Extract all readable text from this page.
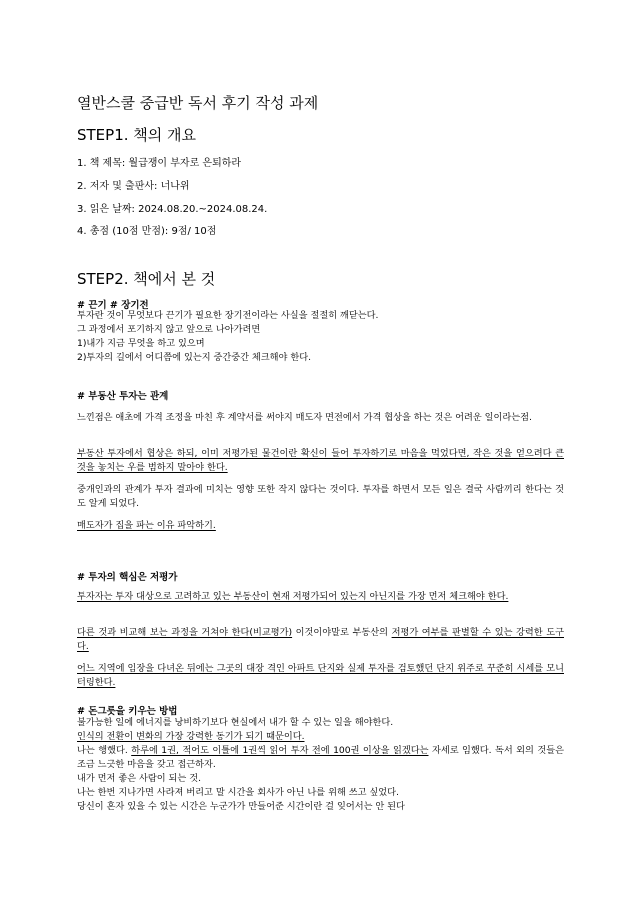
열반스쿨 중급반 독서 후기 작성 과제
STEP1. 책의 개요
1. 책 제목: 월급쟁이 부자로 은퇴하라
2. 저자 및 출판사: 너나위
3. 읽은 날짜: 2024.08.20.~2024.08.24.
4. 총점 (10점 만점): 9점/ 10점
STEP2. 책에서 본 것
# 끈기 # 장기전
투자란 것이 무엇보다 끈기가 필요한 장기전이라는 사실을 절절히 깨닫는다.
그 과정에서 포기하지 않고 앞으로 나아가려면
1)내가 지금 무엇을 하고 있으며
2)투자의 길에서 어디쯤에 있는지 중간중간 체크해야 한다.
# 부동산 투자는 관계
느낀점은 애초에 가격 조정을 마친 후 계약서를 써야지 매도자 면전에서 가격 협상을 하는 것은 어려운 일이라는점.
부동산 투자에서 협상은 하되, 이미 저평가된 물건이란 확신이 들어 투자하기로 마음을 먹었다면, 작은 것을 얻으려다 큰 것을 놓치는 우를 범하지 말아야 한다.
중개인과의 관계가 투자 결과에 미치는 영향 또한 작지 않다는 것이다. 투자를 하면서 모든 일은 결국 사람끼리 한다는 것도 알게 되었다.
매도자가 집을 파는 이유 파악하기.
# 투자의 핵심은 저평가
투자자는 투자 대상으로 고려하고 있는 부동산이 현재 저평가되어 있는지 아닌지를 가장 먼저 체크해야 한다.
다른 것과 비교해 보는 과정을 거쳐야 한다(비교평가) 이것이야말로 부동산의 저평가 여부를 판별할 수 있는 강력한 도구다.
어느 지역에 임장을 다녀온 뒤에는 그곳의 대장 격인 아파트 단지와 실제 투자를 검토했던 단지 위주로 꾸준히 시세를 모니터링한다.
# 돈그릇을 키우는 방법
불가능한 일에 에너지를 낭비하기보다 현실에서 내가 할 수 있는 일을 해야한다.
인식의 전환이 변화의 가장 강력한 동기가 되기 때문이다.
나는 행했다. 하루에 1권, 적어도 이틀에 1권씩 읽어 투자 전에 100권 이상을 읽겠다는 자세로 임했다. 독서 외의 것들은 조금 느긋한 마음을 갖고 접근하자.
내가 먼저 좋은 사람이 되는 것.
나는 한번 지나가면 사라져 버리고 말 시간을 회사가 아닌 나를 위해 쓰고 싶었다.
당신이 혼자 있을 수 있는 시간은 누군가가 만들어준 시간이란 걸 잊어서는 안 된다
